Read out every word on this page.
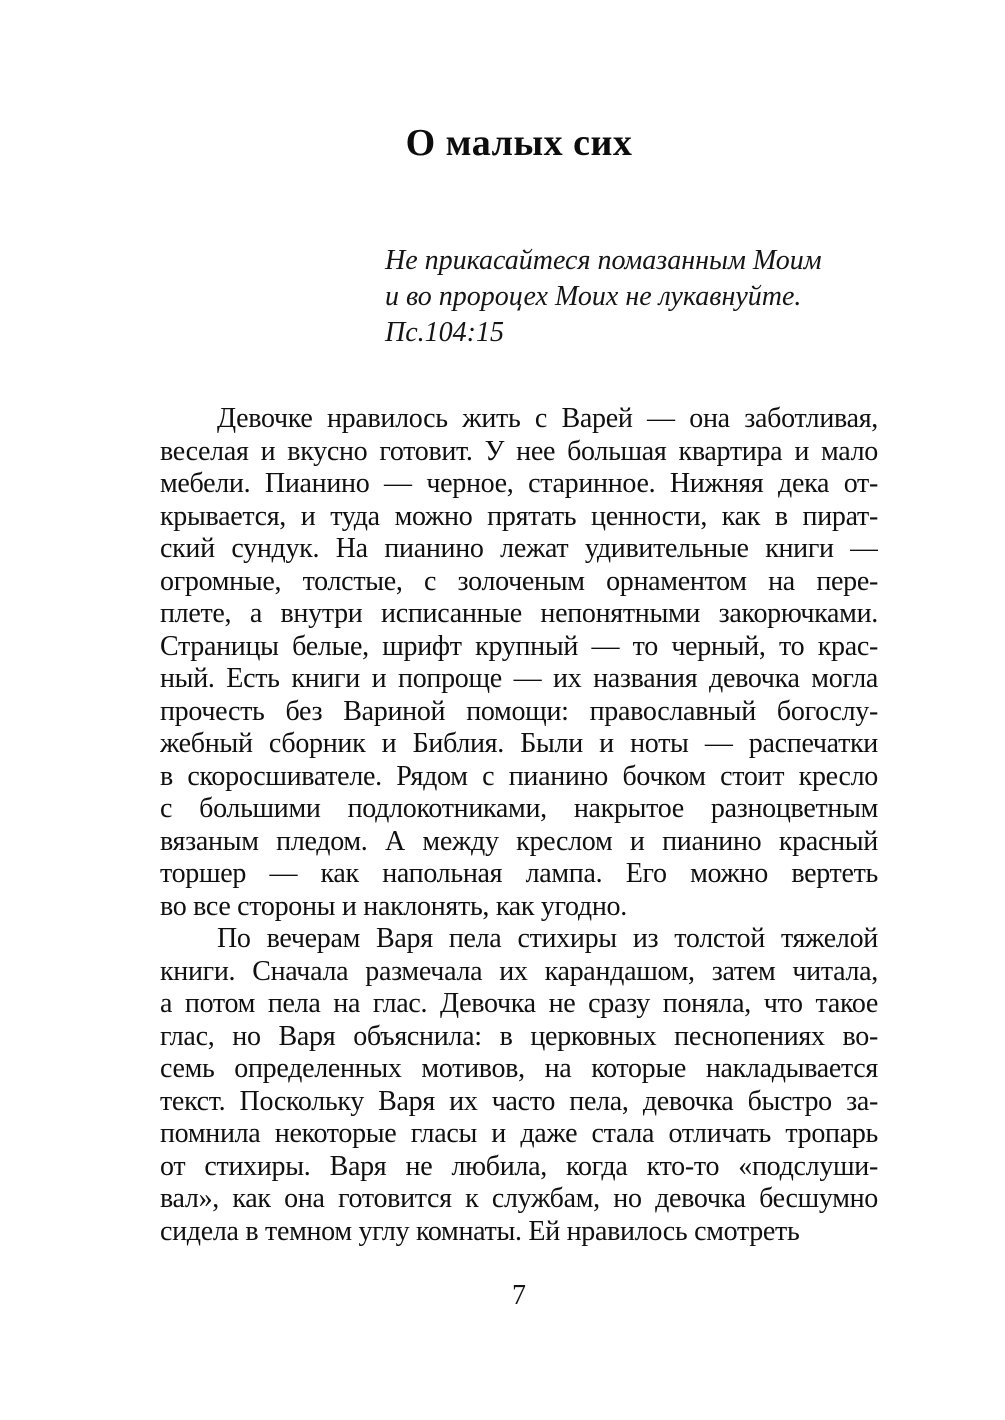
О малых сих
Не прикасайтеся помазанным Моим
и во пророцех Моих не лукавнуйте.
Пс.104:15
Девочке нравилось жить с Варей — она заботливая,
веселая и вкусно готовит. У нее большая квартира и мало
мебели. Пианино — черное, старинное. Нижняя дека от-
крывается, и туда можно прятать ценности, как в пират-
ский сундук. На пианино лежат удивительные книги —
огромные, толстые, с золоченым орнаментом на пере-
плете, а внутри исписанные непонятными закорючками.
Страницы белые, шрифт крупный — то черный, то крас-
ный. Есть книги и попроще — их названия девочка могла
прочесть без Вариной помощи: православный богослу-
жебный сборник и Библия. Были и ноты — распечатки
в скоросшивателе. Рядом с пианино бочком стоит кресло
с большими подлокотниками, накрытое разноцветным
вязаным пледом. А между креслом и пианино красный
торшер — как напольная лампа. Его можно вертеть
во все стороны и наклонять, как угодно.
По вечерам Варя пела стихиры из толстой тяжелой
книги. Сначала размечала их карандашом, затем читала,
а потом пела на глас. Девочка не сразу поняла, что такое
глас, но Варя объяснила: в церковных песнопениях во-
семь определенных мотивов, на которые накладывается
текст. Поскольку Варя их часто пела, девочка быстро за-
помнила некоторые гласы и даже стала отличать тропарь
от стихиры. Варя не любила, когда кто-то «подслуши-
вал», как она готовится к службам, но девочка бесшумно
сидела в темном углу комнаты. Ей нравилось смотреть
7
